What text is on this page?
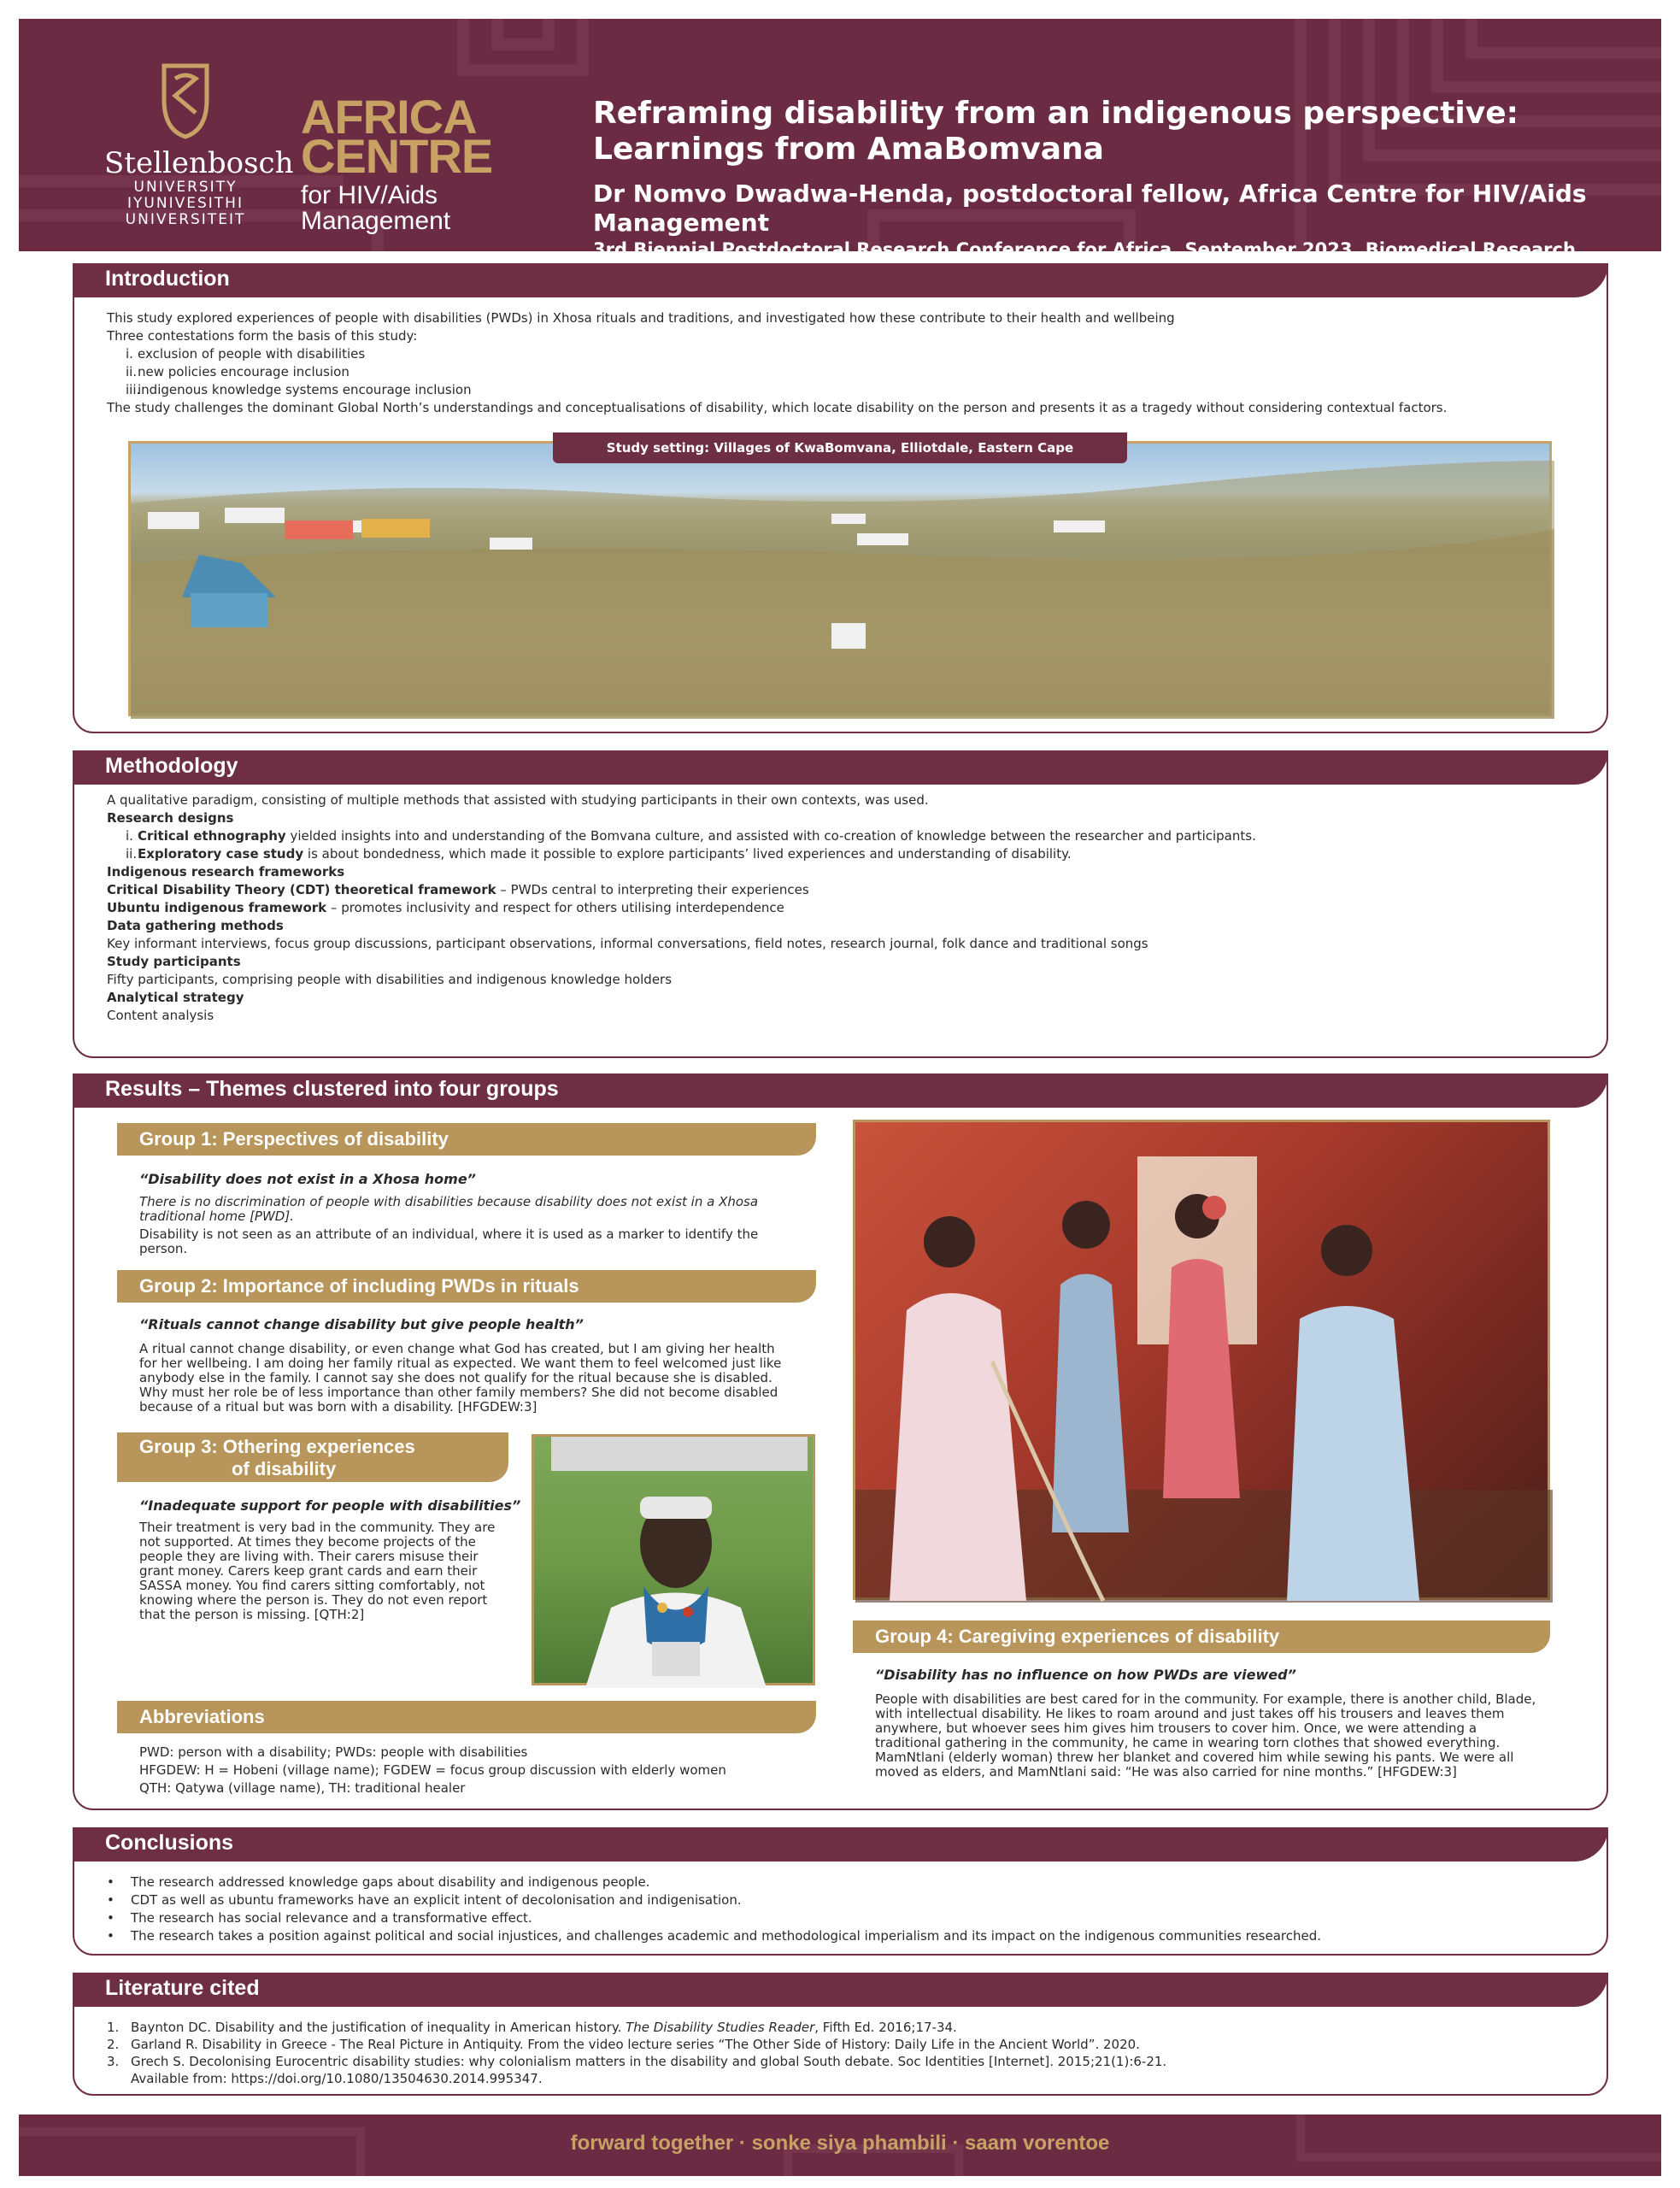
Stellenbosch
UNIVERSITY
IYUNIVESITHI
UNIVERSITEIT
AFRICA
CENTRE
for HIV/Aids
Management
Reframing disability from an indigenous perspective:
Learnings from AmaBomvana
Dr Nomvo Dwadwa-Henda, postdoctoral fellow, Africa Centre for HIV/Aids Management
3rd Biennial Postdoctoral Research Conference for Africa, September 2023, Biomedical Research
Introduction

This study explored experiences of people with disabilities (PWDs) in Xhosa rituals and traditions, and investigated how these contribute to their health and wellbeing

Three contestations form the basis of this study:

i. exclusion of people with disabilities

ii.new policies encourage inclusion

iii.indigenous knowledge systems encourage inclusion

The study challenges the dominant Global North’s understandings and conceptualisations of disability, which locate disability on the person and presents it as a tragedy without considering contextual factors.

Study setting: Villages of KwaBomvana, Elliotdale, Eastern Cape
Methodology

A qualitative paradigm, consisting of multiple methods that assisted with studying participants in their own contexts, was used.

Research designs

i. Critical ethnography yielded insights into and understanding of the Bomvana culture, and assisted with co-creation of knowledge between the researcher and participants.

ii.Exploratory case study is about bondedness, which made it possible to explore participants’ lived experiences and understanding of disability.

Indigenous research frameworks

Critical Disability Theory (CDT) theoretical framework – PWDs central to interpreting their experiences

Ubuntu indigenous framework – promotes inclusivity and respect for others utilising interdependence

Data gathering methods

Key informant interviews, focus group discussions, participant observations, informal conversations, field notes, research journal, folk dance and traditional songs

Study participants

Fifty participants, comprising people with disabilities and indigenous knowledge holders

Analytical strategy

Content analysis

Results – Themes clustered into four groups
Group 1: Perspectives of disability
“Disability does not exist in a Xhosa home”
There is no discrimination of people with disabilities because disability does not exist in a Xhosa traditional home [PWD].
Disability is not seen as an attribute of an individual, where it is used as a marker to identify the person.
Group 2: Importance of including PWDs in rituals
“Rituals cannot change disability but give people health”
A ritual cannot change disability, or even change what God has created, but I am giving her health for her wellbeing. I am doing her family ritual as expected. We want them to feel welcomed just like anybody else in the family. I cannot say she does not qualify for the ritual because she is disabled. Why must her role be of less importance than other family members? She did not become disabled because of a ritual but was born with a disability. [HFGDEW:3]
Group 3: Othering experiences
of disability
“Inadequate support for people with disabilities”
Their treatment is very bad in the community. They are not supported. At times they become projects of the people they are living with. Their carers misuse their grant money. Carers keep grant cards and earn their SASSA money. You find carers sitting comfortably, not knowing where the person is. They do not even report that the person is missing. [QTH:2]
Abbreviations
PWD: person with a disability; PWDs: people with disabilities
HFGDEW: H = Hobeni (village name); FGDEW = focus group discussion with elderly women
QTH: Qatywa (village name), TH: traditional healer
Group 4: Caregiving experiences of disability
“Disability has no influence on how PWDs are viewed”
People with disabilities are best cared for in the community. For example, there is another child, Blade, with intellectual disability. He likes to roam around and just takes off his trousers and leaves them anywhere, but whoever sees him gives him trousers to cover him. Once, we were attending a traditional gathering in the community, he came in wearing torn clothes that showed everything. MamNtlani (elderly woman) threw her blanket and covered him while sewing his pants. We were all moved as elders, and MamNtlani said: “He was also carried for nine months.” [HFGDEW:3]
Conclusions
• The research addressed knowledge gaps about disability and indigenous people.
• CDT as well as ubuntu frameworks have an explicit intent of decolonisation and indigenisation.
• The research has social relevance and a transformative effect.
• The research takes a position against political and social injustices, and challenges academic and methodological imperialism and its impact on the indigenous communities researched.
Literature cited

1. Baynton DC. Disability and the justification of inequality in American history. The Disability Studies Reader, Fifth Ed. 2016;17-34.

2. Garland R. Disability in Greece - The Real Picture in Antiquity. From the video lecture series “The Other Side of History: Daily Life in the Ancient World”. 2020.

3. Grech S. Decolonising Eurocentric disability studies: why colonialism matters in the disability and global South debate. Soc Identities [Internet]. 2015;21(1):6-21.

Available from: https://doi.org/10.1080/13504630.2014.995347.

forward together · sonke siya phambili · saam vorentoe
